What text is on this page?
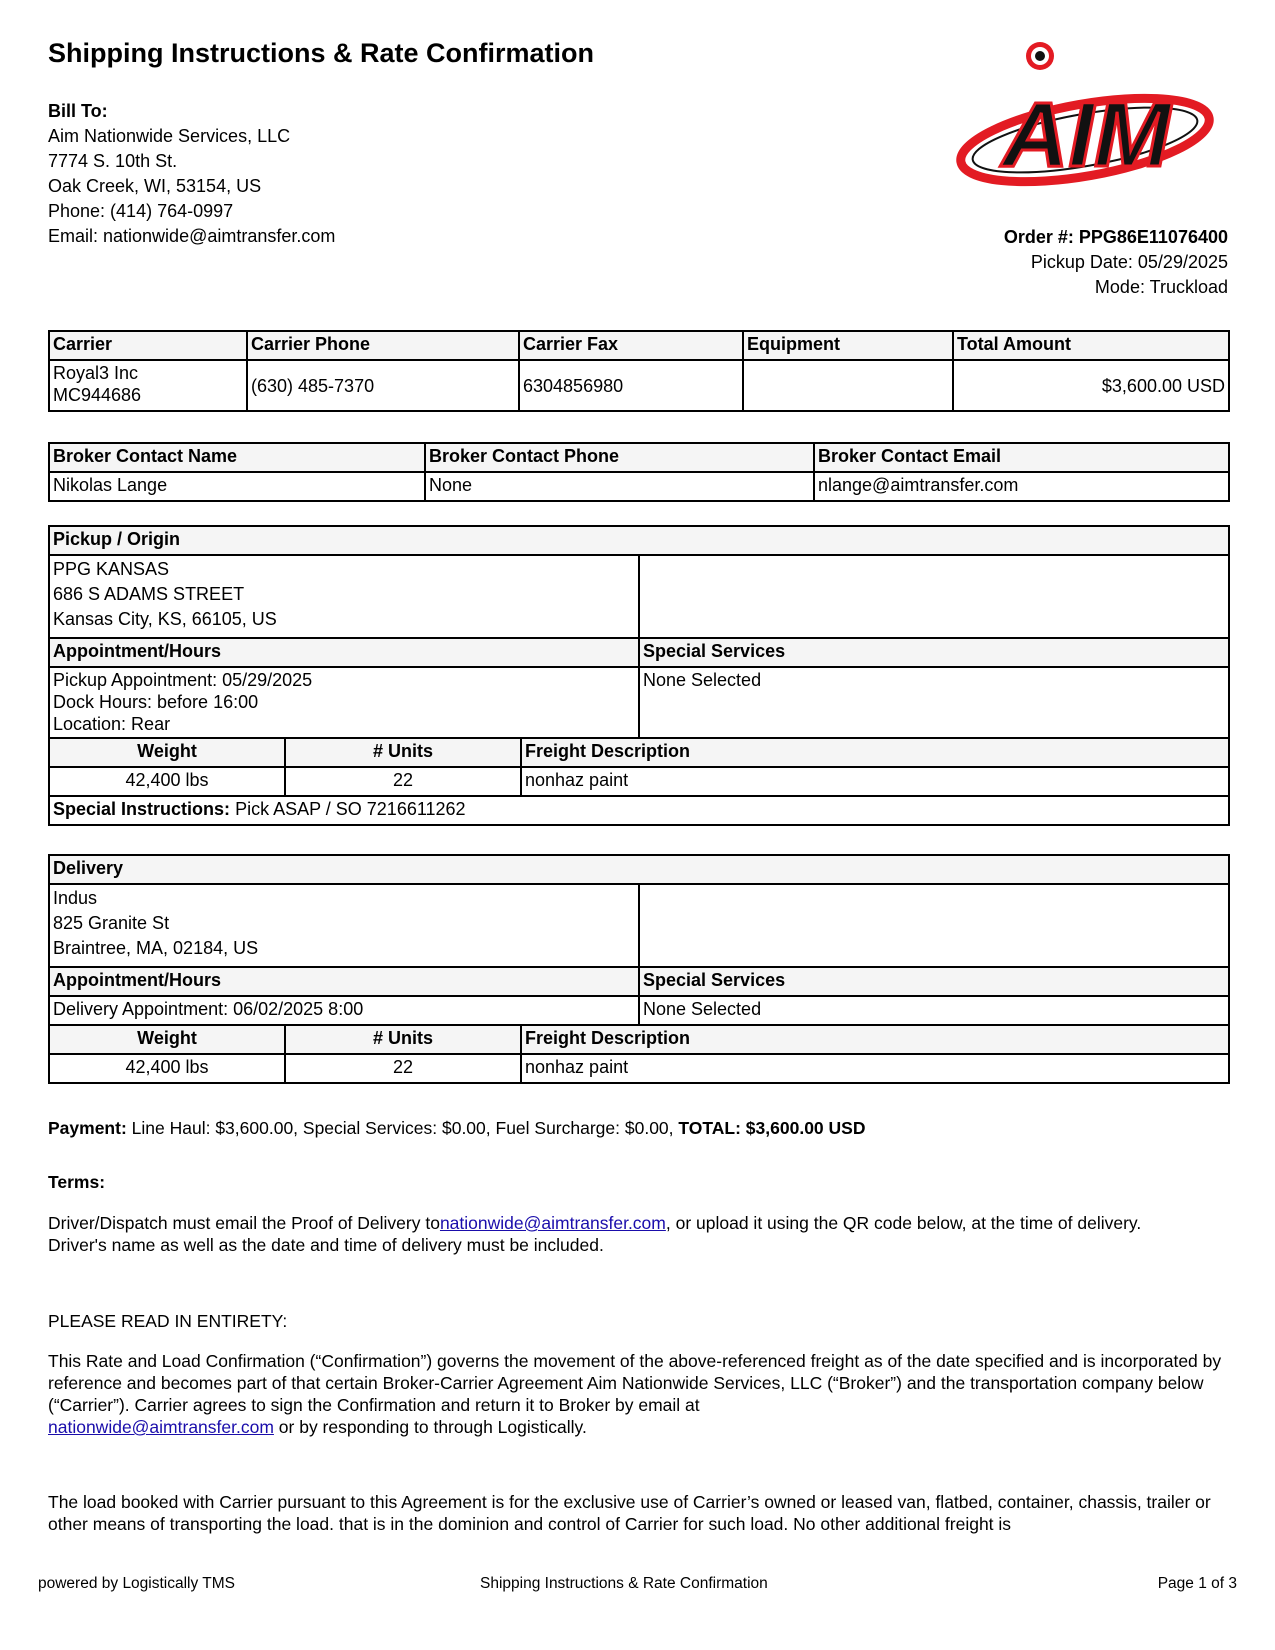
Shipping Instructions & Rate Confirmation
Bill To:
Aim Nationwide Services, LLC
7774 S. 10th St.
Oak Creek, WI, 53154, US
Phone: (414) 764-0997
Email: nationwide@aimtransfer.com
AIM
Order #: PPG86E11076400
Pickup Date: 05/29/2025
Mode: Truckload
Carrier	Carrier Phone	Carrier Fax	Equipment	Total Amount

Royal3 Inc
MC944686	(630) 485-7370	6304856980		$3,600.00 USD
Broker Contact Name	Broker Contact Phone	Broker Contact Email
Nikolas Lange	None	nlange@aimtransfer.com
Pickup / Origin			

PPG KANSAS
686 S ADAMS STREET
Kansas City, KS, 66105, US			

Appointment/Hours			Special Services

Pickup Appointment: 05/29/2025
Dock Hours: before 16:00
Location: Rear			None Selected
Weight	# Units	Freight Description	
42,400 lbs	22	nonhaz paint	
Special Instructions: Pick ASAP / SO 7216611262			
Delivery			

Indus
825 Granite St
Braintree, MA, 02184, US			

Appointment/Hours			Special Services
Delivery Appointment: 06/02/2025 8:00			None Selected
Weight	# Units	Freight Description	
42,400 lbs	22	nonhaz paint	
Payment: Line Haul: $3,600.00, Special Services: $0.00, Fuel Surcharge: $0.00, TOTAL: $3,600.00 USD
Terms:
Driver/Dispatch must email the Proof of Delivery tonationwide@aimtransfer.com, or upload it using the QR code below, at the time of delivery.
Driver's name as well as the date and time of delivery must be included.
PLEASE READ IN ENTIRETY:
This Rate and Load Confirmation (“Confirmation”) governs the movement of the above-referenced freight as of the date specified and is incorporated by reference and becomes part of that certain Broker-Carrier Agreement Aim Nationwide Services, LLC (“Broker”) and the transportation company below (“Carrier”). Carrier agrees to sign the Confirmation and return it to Broker by email at
nationwide@aimtransfer.com or by responding to through Logistically.
The load booked with Carrier pursuant to this Agreement is for the exclusive use of Carrier’s owned or leased van, flatbed, container, chassis, trailer or other means of transporting the load. that is in the dominion and control of Carrier for such load. No other additional freight is
powered by Logistically TMS	Shipping Instructions & Rate Confirmation	Page 1 of 3
